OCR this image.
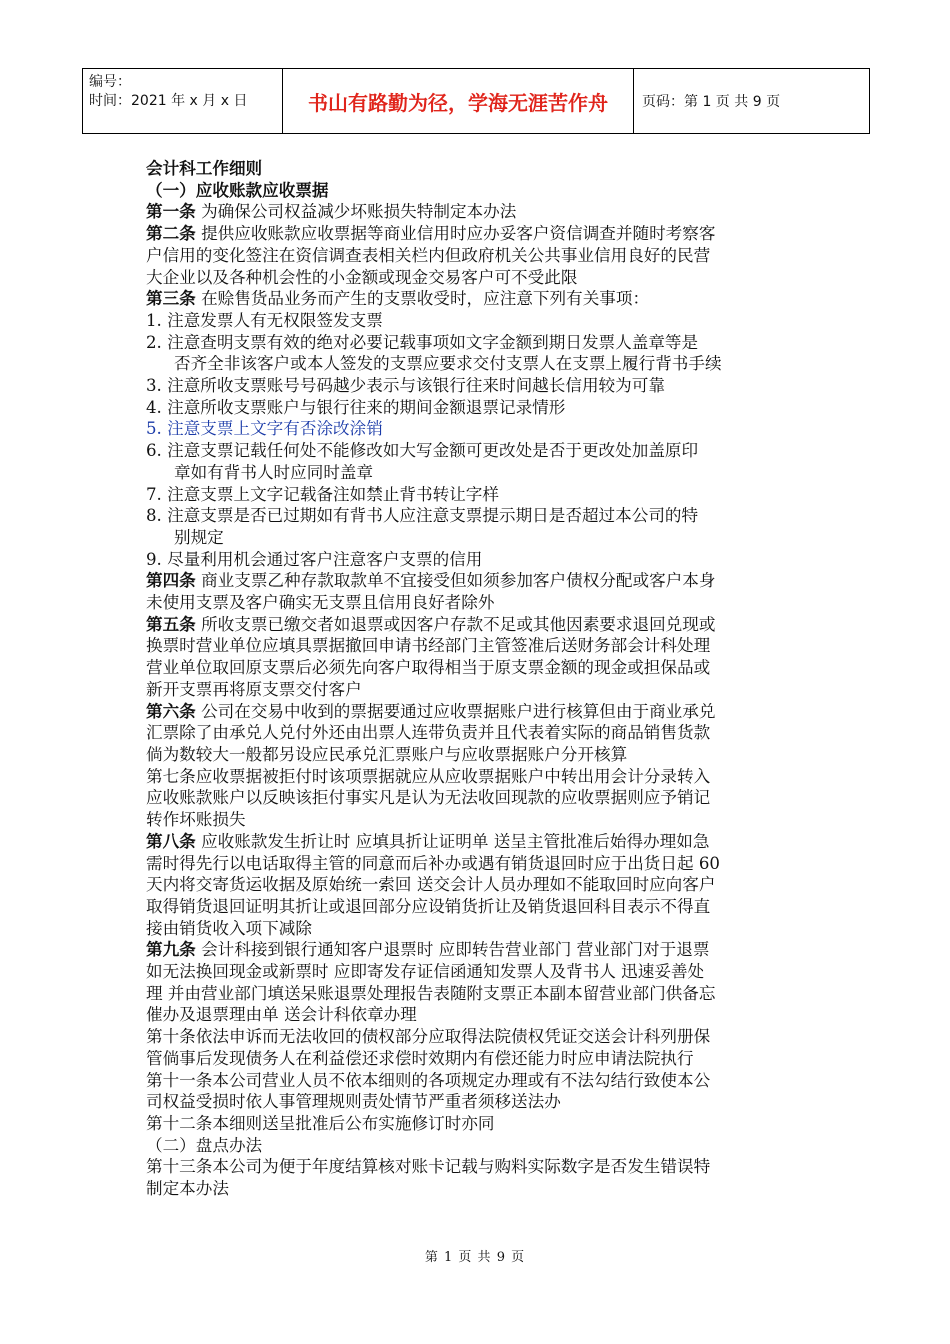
编号：
时间：2021 年 x 月 x 日	书山有路勤为径，学海无涯苦作舟	页码：第 1 页 共 9 页
会计科工作细则
（一）应收账款应收票据
第一条 为确保公司权益减少坏账损失特制定本办法
第二条 提供应收账款应收票据等商业信用时应办妥客户资信调查并随时考察客
户信用的变化签注在资信调查表相关栏内但政府机关公共事业信用良好的民营
大企业以及各种机会性的小金额或现金交易客户可不受此限
第三条 在赊售货品业务而产生的支票收受时，应注意下列有关事项：
1. 注意发票人有无权限签发支票
2. 注意查明支票有效的绝对必要记载事项如文字金额到期日发票人盖章等是
否齐全非该客户或本人签发的支票应要求交付支票人在支票上履行背书手续
3. 注意所收支票账号号码越少表示与该银行往来时间越长信用较为可靠
4. 注意所收支票账户与银行往来的期间金额退票记录情形
5. 注意支票上文字有否涂改涂销
6. 注意支票记载任何处不能修改如大写金额可更改处是否于更改处加盖原印
章如有背书人时应同时盖章
7. 注意支票上文字记载备注如禁止背书转让字样
8. 注意支票是否已过期如有背书人应注意支票提示期日是否超过本公司的特
别规定
9. 尽量利用机会通过客户注意客户支票的信用
第四条 商业支票乙种存款取款单不宜接受但如须参加客户债权分配或客户本身
未使用支票及客户确实无支票且信用良好者除外
第五条 所收支票已缴交者如退票或因客户存款不足或其他因素要求退回兑现或
换票时营业单位应填具票据撤回申请书经部门主管签准后送财务部会计科处理
营业单位取回原支票后必须先向客户取得相当于原支票金额的现金或担保品或
新开支票再将原支票交付客户
第六条 公司在交易中收到的票据要通过应收票据账户进行核算但由于商业承兑
汇票除了由承兑人兑付外还由出票人连带负责并且代表着实际的商品销售货款
倘为数较大一般都另设应民承兑汇票账户与应收票据账户分开核算
第七条应收票据被拒付时该项票据就应从应收票据账户中转出用会计分录转入
应收账款账户以反映该拒付事实凡是认为无法收回现款的应收票据则应予销记
转作坏账损失
第八条 应收账款发生折让时 应填具折让证明单 送呈主管批准后始得办理如急
需时得先行以电话取得主管的同意而后补办或遇有销货退回时应于出货日起 60
天内将交寄货运收据及原始统一索回 送交会计人员办理如不能取回时应向客户
取得销货退回证明其折让或退回部分应设销货折让及销货退回科目表示不得直
接由销货收入项下减除
第九条 会计科接到银行通知客户退票时 应即转告营业部门 营业部门对于退票
如无法换回现金或新票时 应即寄发存证信函通知发票人及背书人 迅速妥善处
理 并由营业部门填送呆账退票处理报告表随附支票正本副本留营业部门供备忘
催办及退票理由单 送会计科依章办理
第十条依法申诉而无法收回的债权部分应取得法院债权凭证交送会计科列册保
管倘事后发现债务人在利益偿还求偿时效期内有偿还能力时应申请法院执行
第十一条本公司营业人员不依本细则的各项规定办理或有不法勾结行致使本公
司权益受损时依人事管理规则责处情节严重者须移送法办
第十二条本细则送呈批准后公布实施修订时亦同
（二）盘点办法
第十三条本公司为便于年度结算核对账卡记载与购料实际数字是否发生错误特
制定本办法
第 1 页 共 9 页
